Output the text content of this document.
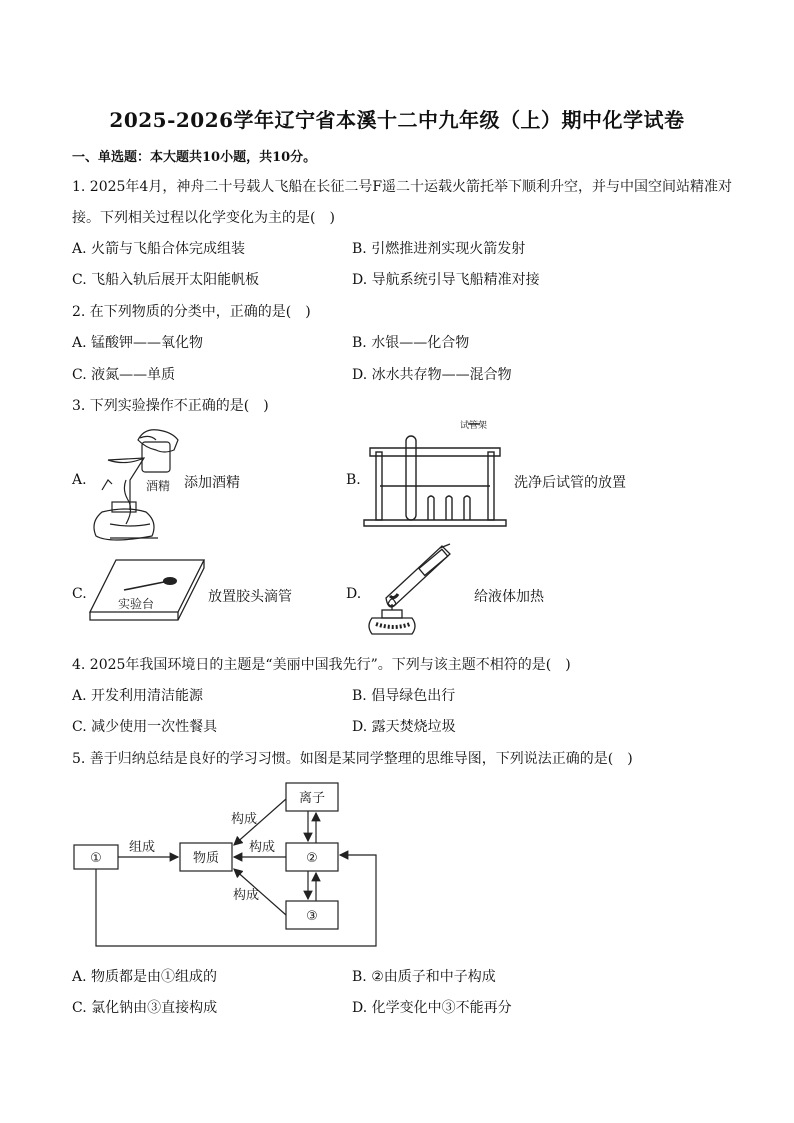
2025-2026学年辽宁省本溪十二中九年级（上）期中化学试卷
一、单选题：本大题共10小题，共10分。
1. 2025年4月，神舟二十号载人飞船在长征二号F遥二十运载火箭托举下顺利升空，并与中国空间站精准对
接。下列相关过程以化学变化为主的是(　)
A. 火箭与飞船合体完成组装	B. 引燃推进剂实现火箭发射
C. 飞船入轨后展开太阳能帆板	D. 导航系统引导飞船精准对接
2. 在下列物质的分类中，正确的是(　)
A. 锰酸钾——氧化物	B. 水银——化合物
C. 液氮——单质	D. 冰水共存物——混合物
3. 下列实验操作不正确的是(　)
A.	酒精 添加酒精	B.
试管架
洗净后试管的放置
C.
实验台	放置胶头滴管	D.	给液体加热
4. 2025年我国环境日的主题是“美丽中国我先行”。下列与该主题不相符的是(　)
A. 开发利用清洁能源	B. 倡导绿色出行
C. 减少使用一次性餐具	D. 露天焚烧垃圾
5. 善于归纳总结是良好的学习习惯。如图是某同学整理的思维导图，下列说法正确的是(　)
①	物质
离子
②
③
组成
构成
构成
构成
A. 物质都是由①组成的	B. ②由质子和中子构成
C. 氯化钠由③直接构成	D. 化学变化中③不能再分
